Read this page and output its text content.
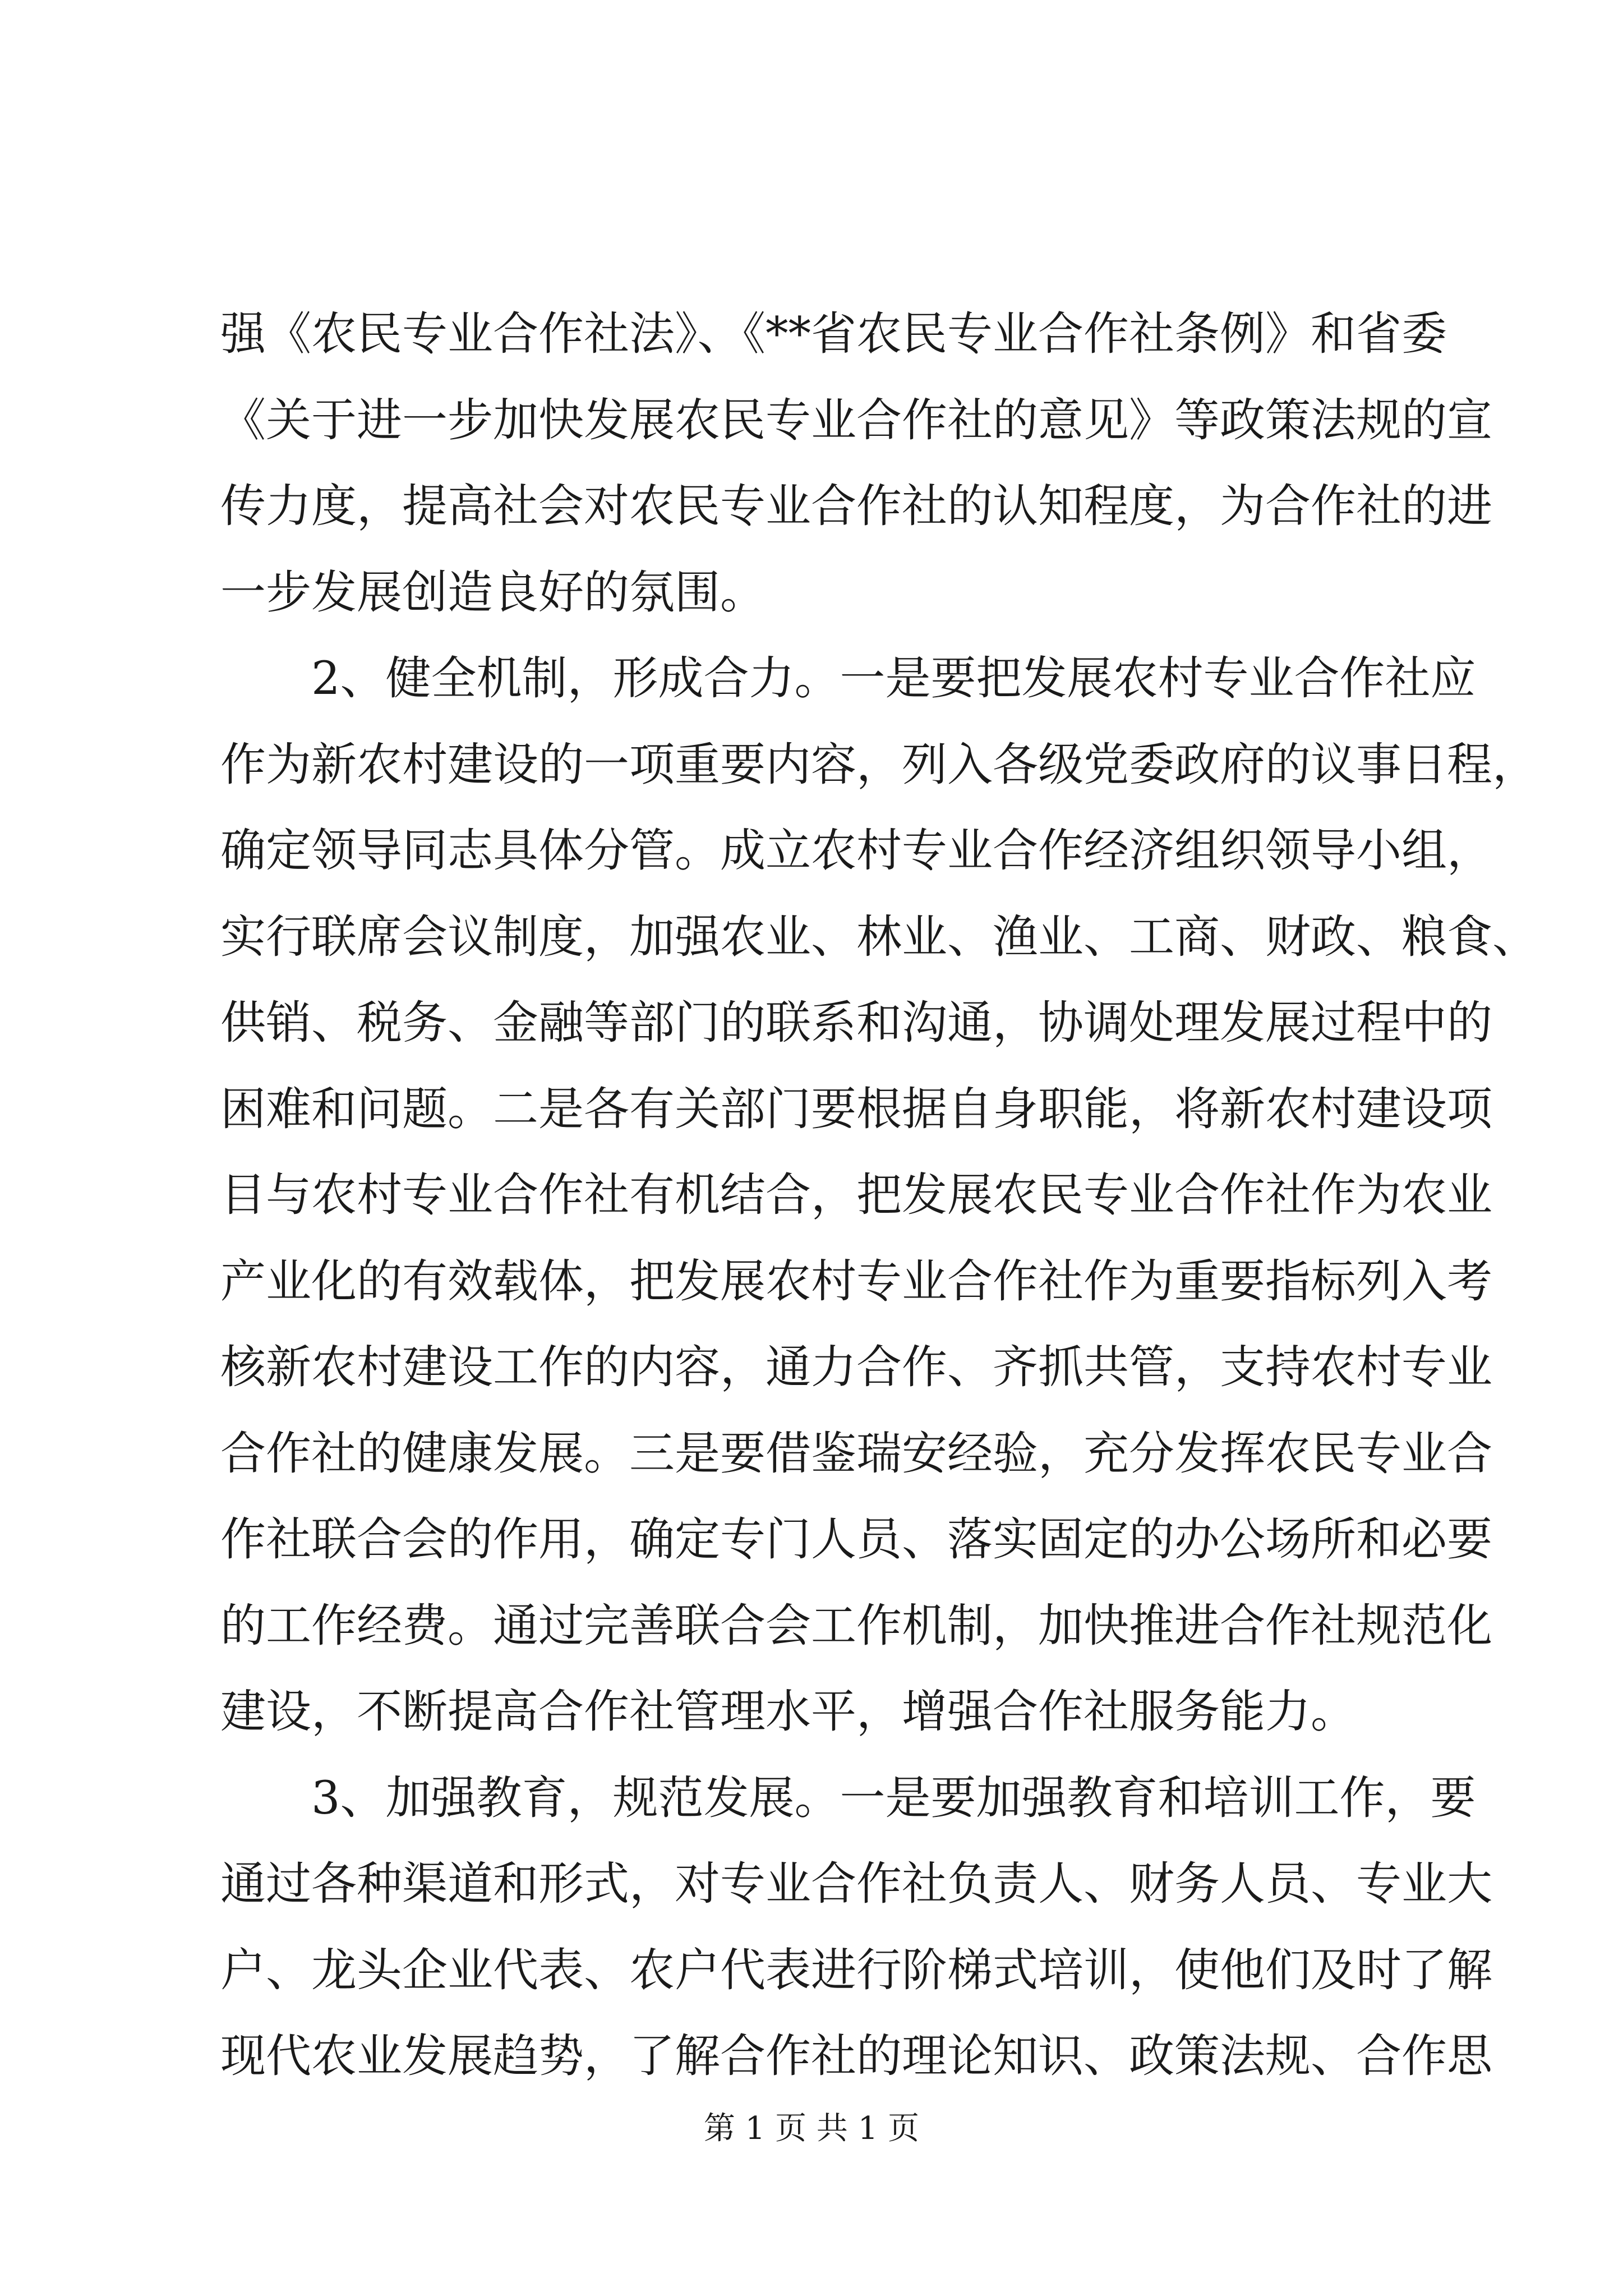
强《农民专业合作社法》、《**省农民专业合作社条例》和省委
《关于进一步加快发展农民专业合作社的意见》等政策法规的宣
传力度，提高社会对农民专业合作社的认知程度，为合作社的进
一步发展创造良好的氛围。
　　2、健全机制，形成合力。一是要把发展农村专业合作社应
作为新农村建设的一项重要内容，列入各级党委政府的议事日程，
确定领导同志具体分管。成立农村专业合作经济组织领导小组，
实行联席会议制度，加强农业、林业、渔业、工商、财政、粮食、
供销、税务、金融等部门的联系和沟通，协调处理发展过程中的
困难和问题。二是各有关部门要根据自身职能，将新农村建设项
目与农村专业合作社有机结合，把发展农民专业合作社作为农业
产业化的有效载体，把发展农村专业合作社作为重要指标列入考
核新农村建设工作的内容，通力合作、齐抓共管，支持农村专业
合作社的健康发展。三是要借鉴瑞安经验，充分发挥农民专业合
作社联合会的作用，确定专门人员、落实固定的办公场所和必要
的工作经费。通过完善联合会工作机制，加快推进合作社规范化
建设，不断提高合作社管理水平，增强合作社服务能力。
　　3、加强教育，规范发展。一是要加强教育和培训工作，要
通过各种渠道和形式，对专业合作社负责人、财务人员、专业大
户、龙头企业代表、农户代表进行阶梯式培训，使他们及时了解
现代农业发展趋势，了解合作社的理论知识、政策法规、合作思
第 1 页 共 1 页
